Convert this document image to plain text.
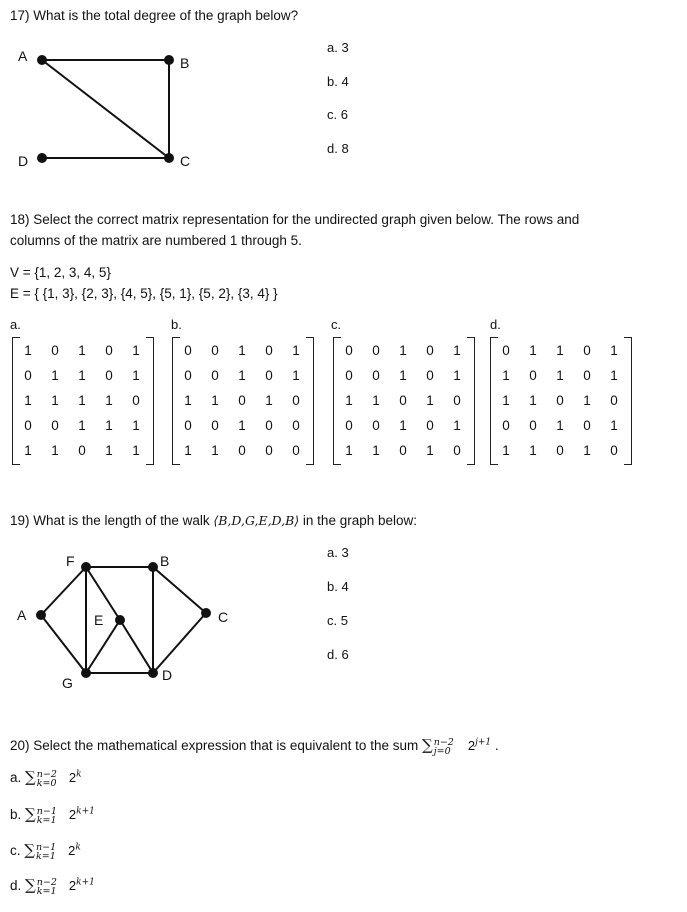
17) What is the total degree of the graph below?
A	B
C
D
F	B
A	E	C
G	D
a. 3
b. 4
c. 6
d. 8
18) Select the correct matrix representation for the undirected graph given below. The rows and
columns of the matrix are numbered 1 through 5.
V = {1, 2, 3, 4, 5}
E = { {1, 3}, {2, 3}, {4, 5}, {5, 1}, {5, 2}, {3, 4} }
a.	b.	c.	d.
1	0	1	0	1
0	1	1	0	1
1	1	1	1	0
0	0	1	1	1
1	1	0	1	1
0	0	1	0	1
0	0	1	0	1
1	1	0	1	0
0	0	1	0	0
1	1	0	0	0
0	0	1	0	1
0	0	1	0	1
1	1	0	1	0
0	0	1	0	1
1	1	0	1	0
0	1	1	0	1
1	0	1	0	1
1	1	0	1	0
0	0	1	0	1
1	1	0	1	0
19) What is the length of the walk ⟨B,D,G,E,D,B⟩ in the graph below:
a. 3
b. 4
c. 5
d. 6
20) Select the mathematical expression that is equivalent to the sum ∑n−2
j=0 $2^{j+1}$ .
a. ∑n−2
k=0 2$^k$
b. ∑n−1
k=1 $2^{k+1}$
c. ∑n−1
k=1 2$^k$
d. ∑n−2
k=1 $2^{k+1}$
